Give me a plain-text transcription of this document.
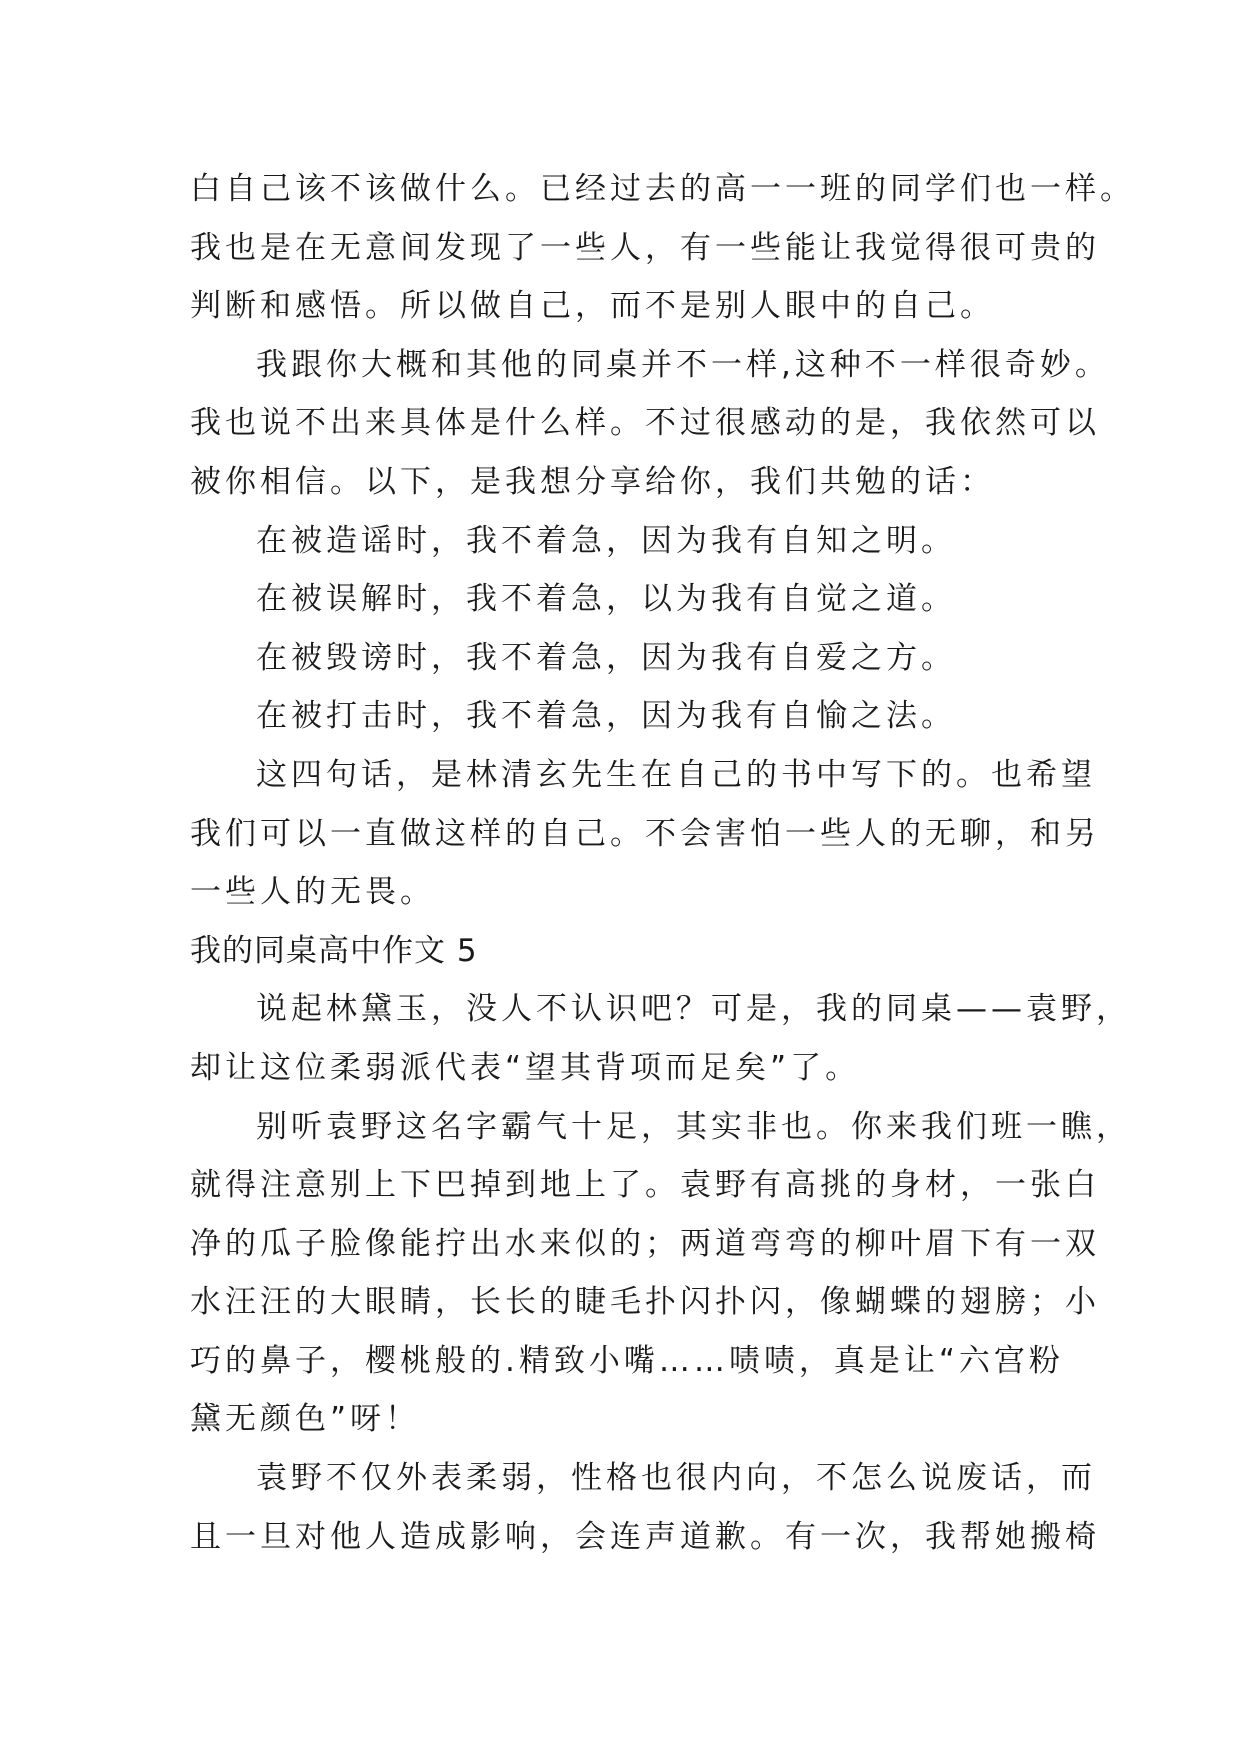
白自己该不该做什么。已经过去的高一一班的同学们也一样。
我也是在无意间发现了一些人，有一些能让我觉得很可贵的
判断和感悟。所以做自己，而不是别人眼中的自己。
我跟你大概和其他的同桌并不一样,这种不一样很奇妙。
我也说不出来具体是什么样。不过很感动的是，我依然可以
被你相信。以下，是我想分享给你，我们共勉的话：
在被造谣时，我不着急，因为我有自知之明。
在被误解时，我不着急，以为我有自觉之道。
在被毁谤时，我不着急，因为我有自爱之方。
在被打击时，我不着急，因为我有自愉之法。
这四句话，是林清玄先生在自己的书中写下的。也希望
我们可以一直做这样的自己。不会害怕一些人的无聊，和另
一些人的无畏。
我的同桌高中作文 5
说起林黛玉，没人不认识吧？可是，我的同桌——袁野，
却让这位柔弱派代表“望其背项而足矣”了。
别听袁野这名字霸气十足，其实非也。你来我们班一瞧，
就得注意别上下巴掉到地上了。袁野有高挑的身材，一张白
净的瓜子脸像能拧出水来似的；两道弯弯的柳叶眉下有一双
水汪汪的大眼睛，长长的睫毛扑闪扑闪，像蝴蝶的翅膀；小
巧的鼻子，樱桃般的.精致小嘴……啧啧，真是让“六宫粉
黛无颜色”呀！
袁野不仅外表柔弱，性格也很内向，不怎么说废话，而
且一旦对他人造成影响，会连声道歉。有一次，我帮她搬椅
